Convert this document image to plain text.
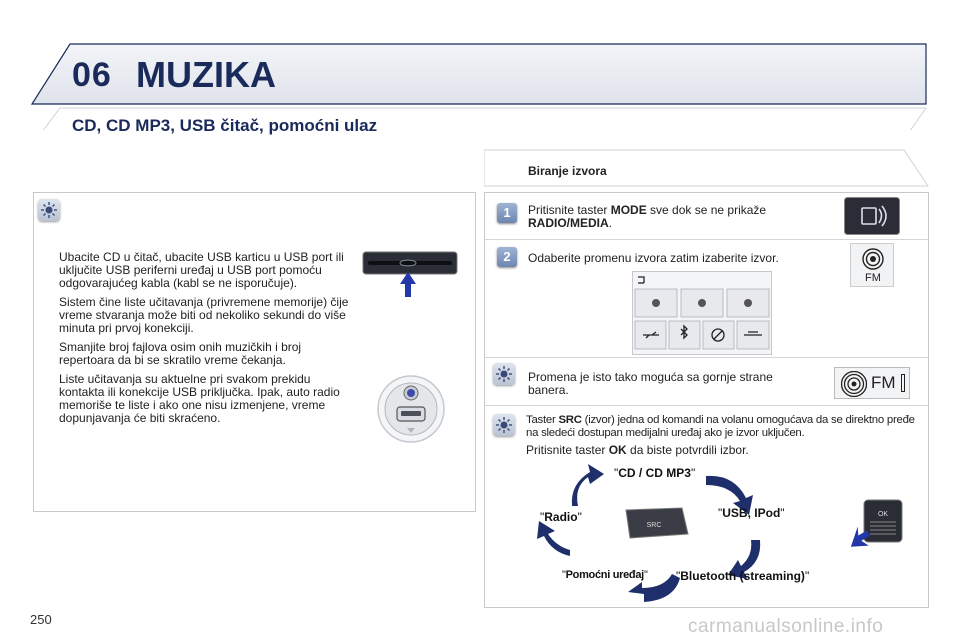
06 MUZIKA
CD, CD MP3, USB čitač, pomoćni ulaz

Ubacite CD u čitač, ubacite USB karticu u USB port ili uključite USB periferni uređaj u USB port pomoću odgovarajućeg kabla (kabl se ne isporučuje).

Sistem čine liste učitavanja (privremene memorije) čije vreme stvaranja može biti od nekoliko sekundi do više minuta pri prvoj konekciji.

Smanjite broj fajlova osim onih muzičkih i broj repertoara da bi se skratilo vreme čekanja.

Liste učitavanja su aktuelne pri svakom prekidu kontakta ili konekcije USB priključka. Ipak, auto radio memoriše te liste i ako one nisu izmenjene, vreme dopunjavanja će biti skraćeno.

Biranje izvora
1	Pritisnite taster MODE sve dok se ne prikaže RADIO/MEDIA.
2	Odaberite promenu izvora zatim izaberite izvor.
FM
Promena je isto tako moguća sa gornje strane banera.	FM
Taster SRC (izvor) jedna od komandi na volanu omogućava da se direktno pređe na sledeći dostupan medijalni uređaj ako je izvor uključen.
Pritisnite taster OK da biste potvrdili izbor.
SRC
OK
"CD / CD MP3"
"USB, IPod"
"Bluetooth (streaming)"
"Pomoćni uređaj"
"Radio"
250	carmanualsonline.info
